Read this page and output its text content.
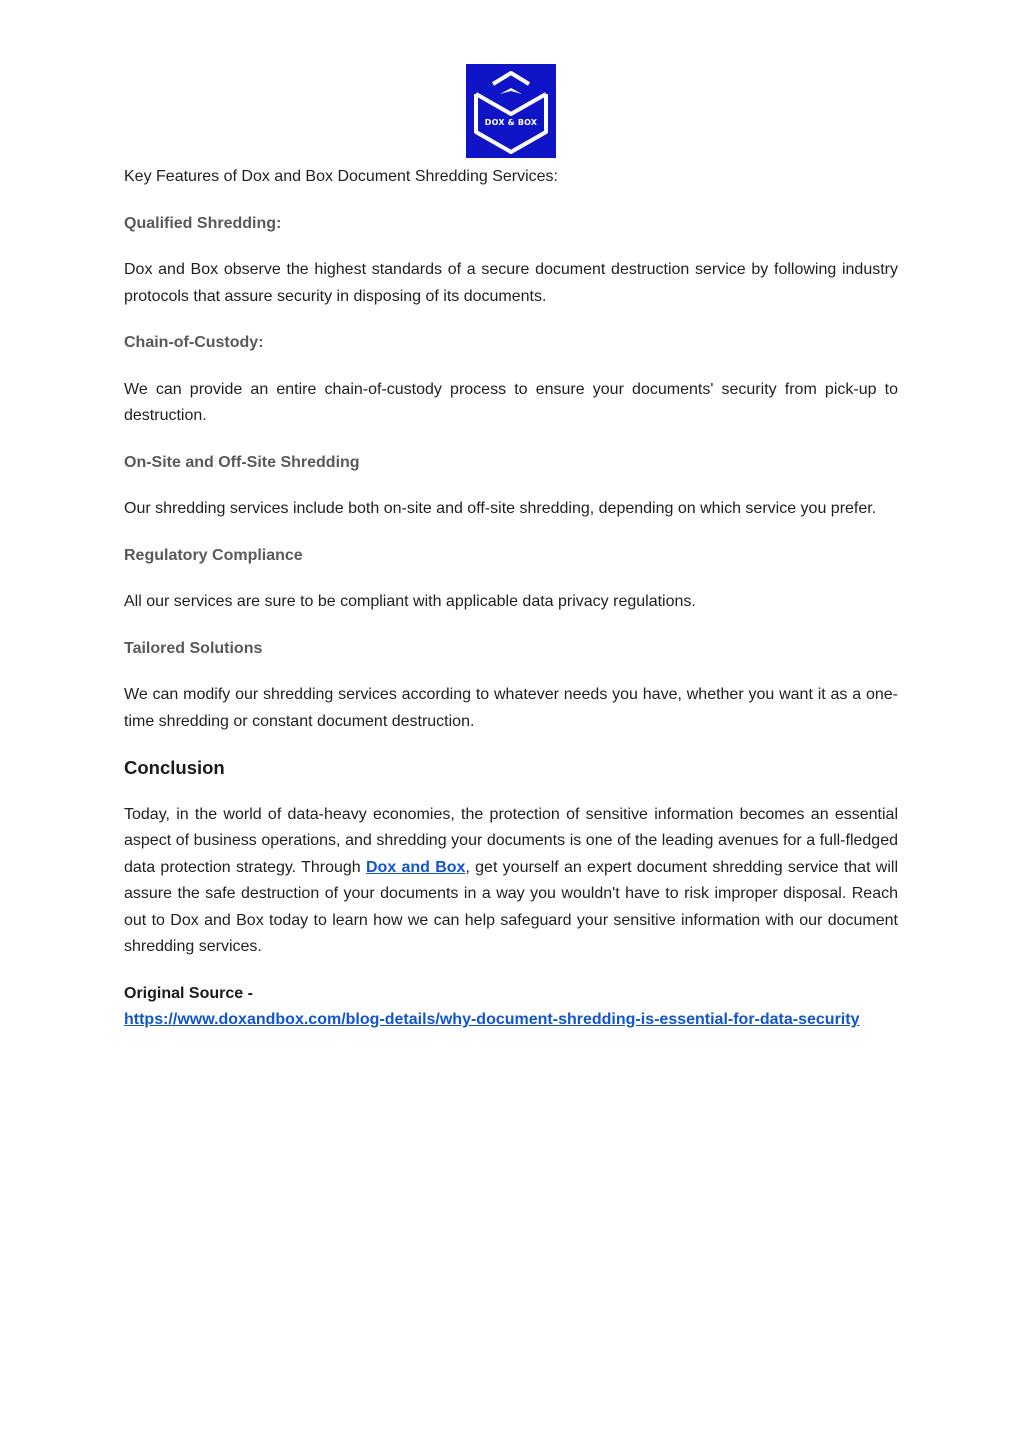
DOX & BOX

Key Features of Dox and Box Document Shredding Services:

Qualified Shredding:

Dox and Box observe the highest standards of a secure document destruction service by following industry protocols that assure security in disposing of its documents.

Chain-of-Custody:

We can provide an entire chain-of-custody process to ensure your documents' security from pick-up to destruction.

On-Site and Off-Site Shredding

Our shredding services include both on-site and off-site shredding, depending on which service you prefer.

Regulatory Compliance

All our services are sure to be compliant with applicable data privacy regulations.

Tailored Solutions

We can modify our shredding services according to whatever needs you have, whether you want it as a one-time shredding or constant document destruction.

Conclusion

Today, in the world of data-heavy economies, the protection of sensitive information becomes an essential aspect of business operations, and shredding your documents is one of the leading avenues for a full-fledged data protection strategy. Through Dox and Box, get yourself an expert document shredding service that will assure the safe destruction of your documents in a way you wouldn't have to risk improper disposal. Reach out to Dox and Box today to learn how we can help safeguard your sensitive information with our document shredding services.

Original Source -

https://www.doxandbox.com/blog-details/why-document-shredding-is-essential-for-data-security
